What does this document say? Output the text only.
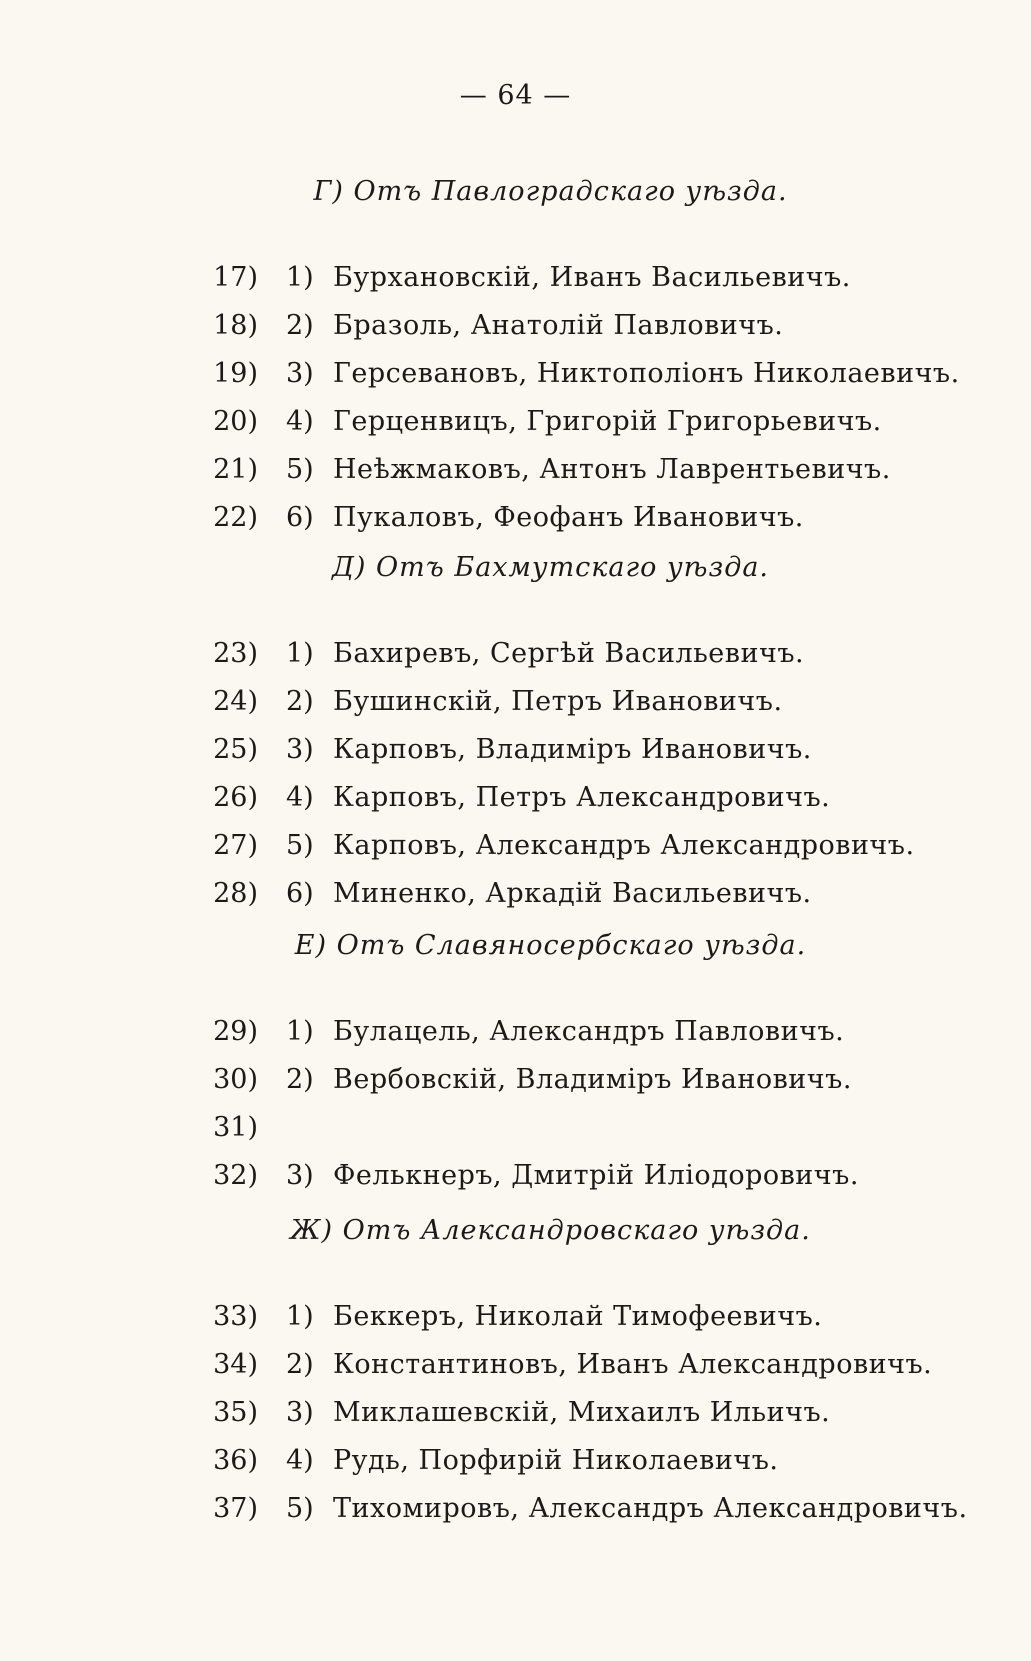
— 64 —
Г) Отъ Павлоградскаго уѣзда.
17) 1) Бурхановскій, Иванъ Васильевичъ.
18) 2) Бразоль, Анатолій Павловичъ.
19) 3) Герсевановъ, Никтополіонъ Николаевичъ.
20) 4) Герценвицъ, Григорій Григорьевичъ.
21) 5) Неѣжмаковъ, Антонъ Лаврентьевичъ.
22) 6) Пукаловъ, Феофанъ Ивановичъ.
Д) Отъ Бахмутскаго уѣзда.
23) 1) Бахиревъ, Сергѣй Васильевичъ.
24) 2) Бушинскій, Петръ Ивановичъ.
25) 3) Карповъ, Владиміръ Ивановичъ.
26) 4) Карповъ, Петръ Александровичъ.
27) 5) Карповъ, Александръ Александровичъ.
28) 6) Миненко, Аркадій Васильевичъ.
Е) Отъ Славяносербскаго уѣзда.
29) 1) Булацель, Александръ Павловичъ.
30) 2) Вербовскій, Владиміръ Ивановичъ.
31)
32) 3) Фелькнеръ, Дмитрій Иліодоровичъ.
Ж) Отъ Александровскаго уѣзда.
33) 1) Беккеръ, Николай Тимофеевичъ.
34) 2) Константиновъ, Иванъ Александровичъ.
35) 3) Миклашевскій, Михаилъ Ильичъ.
36) 4) Рудь, Порфирій Николаевичъ.
37) 5) Тихомировъ, Александръ Александровичъ.
